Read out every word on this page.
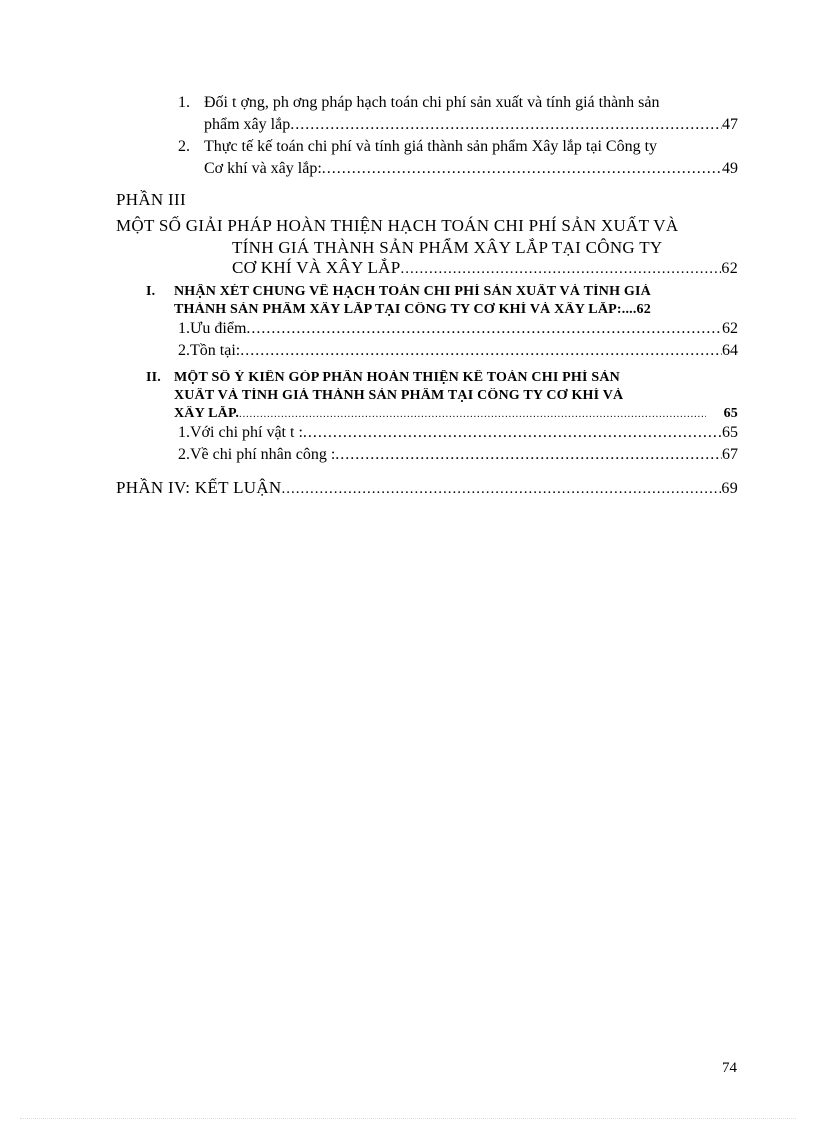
1. Đối t ợng, ph ơng pháp hạch toán chi phí sản xuất và tính giá thành sản
phẩm xây lắp .....	47
2. Thực tế kế toán chi phí và tính giá thành sản phẩm Xây lắp tại Công ty
Cơ khí và xây lắp: .....	49
PHẦN III
MỘT SỐ GIẢI PHÁP HOÀN THIỆN HẠCH TOÁN CHI PHÍ SẢN XUẤT VÀ
TÍNH GIÁ THÀNH SẢN PHẨM XÂY LẮP TẠI CÔNG TY
CƠ KHÍ VÀ XÂY LẮP .....	62
I.	NHẬN XÉT CHUNG VỀ HẠCH TOÁN CHI PHÍ SẢN XUẤT VÀ TÍNH GIÁ
THÀNH SẢN PHẨM XÂY LẮP TẠI CÔNG TY CƠ KHÍ VÀ XÂY LẮP:....62
1. Ưu điểm .....	62
2. Tồn tại: .....	64
II. MỘT SỐ Ý KIẾN GÓP PHẦN HOÀN THIỆN KẾ TOÁN CHI PHÍ SẢN
XUẤT VÀ TÍNH GIÁ THÀNH SẢN PHẨM TẠI CÔNG TY CƠ KHÍ VÀ
XÂY LẮP. .....	65
1. Với chi phí vật t : .....	65
2. Về chi phí nhân công : .....	67
PHẦN IV: KẾT LUẬN .....	69
74
